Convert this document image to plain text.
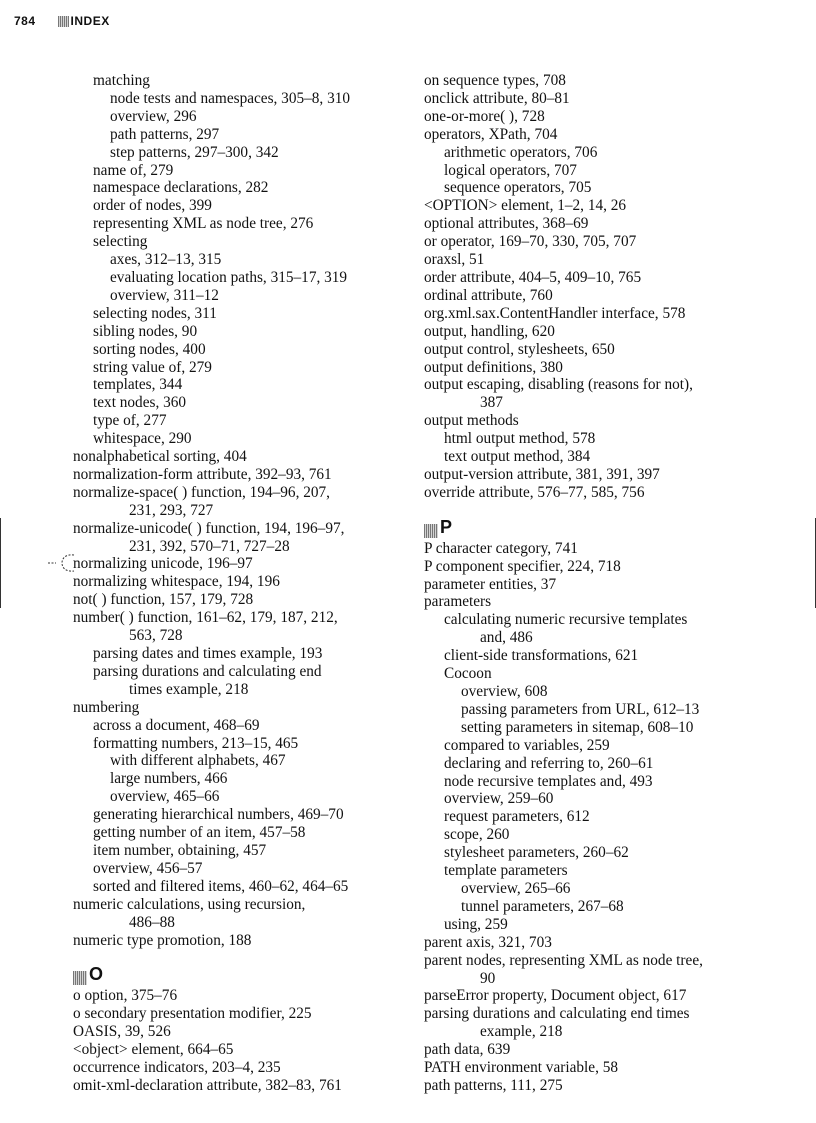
784	INDEX
matching
node tests and namespaces, 305–8, 310
overview, 296
path patterns, 297
step patterns, 297–300, 342
name of, 279
namespace declarations, 282
order of nodes, 399
representing XML as node tree, 276
selecting
axes, 312–13, 315
evaluating location paths, 315–17, 319
overview, 311–12
selecting nodes, 311
sibling nodes, 90
sorting nodes, 400
string value of, 279
templates, 344
text nodes, 360
type of, 277
whitespace, 290
nonalphabetical sorting, 404
normalization-form attribute, 392–93, 761
normalize-space( ) function, 194–96, 207,
231, 293, 727
normalize-unicode( ) function, 194, 196–97,
231, 392, 570–71, 727–28
normalizing unicode, 196–97
normalizing whitespace, 194, 196
not( ) function, 157, 179, 728
number( ) function, 161–62, 179, 187, 212,
563, 728
parsing dates and times example, 193
parsing durations and calculating end
times example, 218
numbering
across a document, 468–69
formatting numbers, 213–15, 465
with different alphabets, 467
large numbers, 466
overview, 465–66
generating hierarchical numbers, 469–70
getting number of an item, 457–58
item number, obtaining, 457
overview, 456–57
sorted and filtered items, 460–62, 464–65
numeric calculations, using recursion,
486–88
numeric type promotion, 188
O
o option, 375–76
o secondary presentation modifier, 225
OASIS, 39, 526
<object> element, 664–65
occurrence indicators, 203–4, 235
omit-xml-declaration attribute, 382–83, 761
on sequence types, 708
onclick attribute, 80–81
one-or-more( ), 728
operators, XPath, 704
arithmetic operators, 706
logical operators, 707
sequence operators, 705
<OPTION> element, 1–2, 14, 26
optional attributes, 368–69
or operator, 169–70, 330, 705, 707
oraxsl, 51
order attribute, 404–5, 409–10, 765
ordinal attribute, 760
org.xml.sax.ContentHandler interface, 578
output, handling, 620
output control, stylesheets, 650
output definitions, 380
output escaping, disabling (reasons for not),
387
output methods
html output method, 578
text output method, 384
output-version attribute, 381, 391, 397
override attribute, 576–77, 585, 756
P
P character category, 741
P component specifier, 224, 718
parameter entities, 37
parameters
calculating numeric recursive templates
and, 486
client-side transformations, 621
Cocoon
overview, 608
passing parameters from URL, 612–13
setting parameters in sitemap, 608–10
compared to variables, 259
declaring and referring to, 260–61
node recursive templates and, 493
overview, 259–60
request parameters, 612
scope, 260
stylesheet parameters, 260–62
template parameters
overview, 265–66
tunnel parameters, 267–68
using, 259
parent axis, 321, 703
parent nodes, representing XML as node tree,
90
parseError property, Document object, 617
parsing durations and calculating end times
example, 218
path data, 639
PATH environment variable, 58
path patterns, 111, 275
